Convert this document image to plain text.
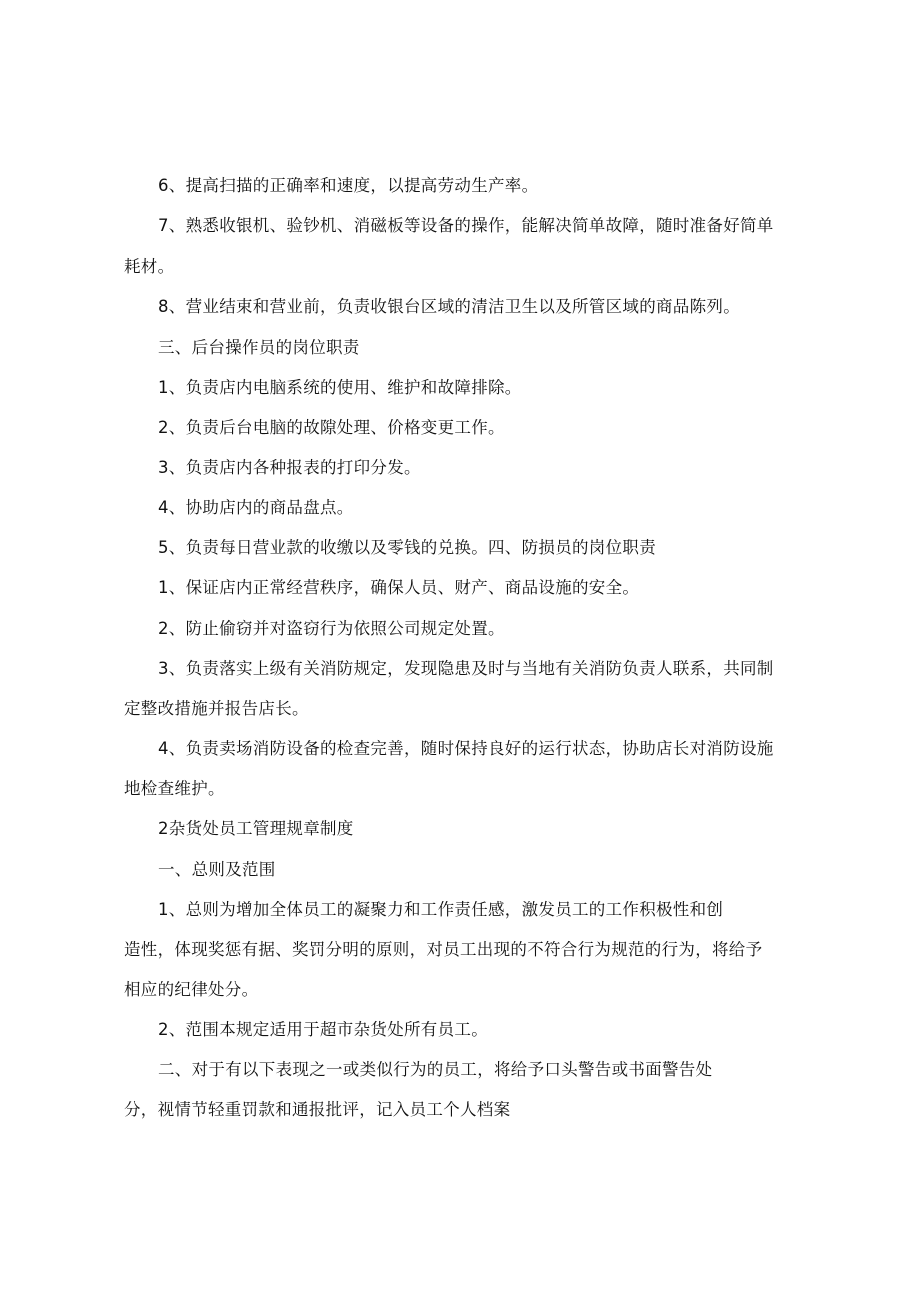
6、提高扫描的正确率和速度，以提高劳动生产率。
7、熟悉收银机、验钞机、消磁板等设备的操作，能解决简单故障，随时准备好简单
耗材。
8、营业结束和营业前，负责收银台区域的清洁卫生以及所管区域的商品陈列。
三、后台操作员的岗位职责
1、负责店内电脑系统的使用、维护和故障排除。
2、负责后台电脑的故隙处理、价格变更工作。
3、负责店内各种报表的打印分发。
4、协助店内的商品盘点。
5、负责每日营业款的收缴以及零钱的兑换。四、防损员的岗位职责
1、保证店内正常经营秩序，确保人员、财产、商品设施的安全。
2、防止偷窃并对盗窃行为依照公司规定处置。
3、负责落实上级有关消防规定，发现隐患及时与当地有关消防负责人联系，共同制
定整改措施并报告店长。
4、负责卖场消防设备的检查完善，随时保持良好的运行状态，协助店长对消防设施
地检查维护。
2杂货处员工管理规章制度
一、总则及范围
1、总则为增加全体员工的凝聚力和工作责任感，激发员工的工作积极性和创
造性，体现奖惩有据、奖罚分明的原则，对员工出现的不符合行为规范的行为，将给予
相应的纪律处分。
2、范围本规定适用于超市杂货处所有员工。
二、对于有以下表现之一或类似行为的员工，将给予口头警告或书面警告处
分，视情节轻重罚款和通报批评，记入员工个人档案
